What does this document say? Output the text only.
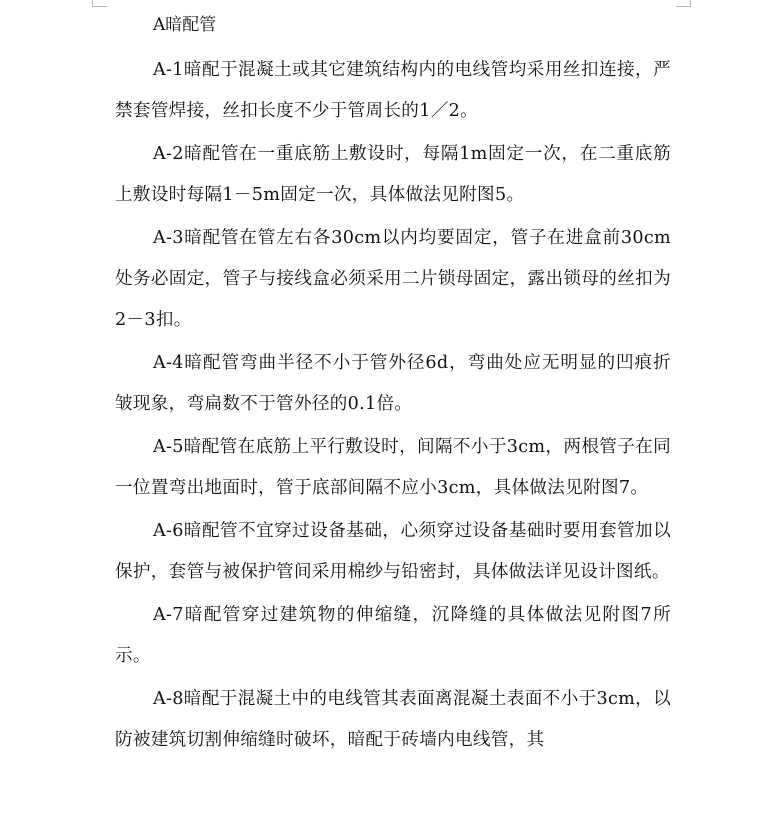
A暗配管

A-1暗配于混凝土或其它建筑结构内的电线管均采用丝扣连接，严禁套管焊接，丝扣长度不少于管周长的1／2。

A-2暗配管在一重底筋上敷设时，每隔1m固定一次，在二重底筋上敷设时每隔1－5m固定一次，具体做法见附图5。

A-3暗配管在管左右各30cm以内均要固定，管子在进盒前30cm处务必固定，管子与接线盒必须采用二片锁母固定，露出锁母的丝扣为2－3扣。

A-4暗配管弯曲半径不小于管外径6d，弯曲处应无明显的凹痕折皱现象，弯扁数不于管外径的0.1倍。

A-5暗配管在底筋上平行敷设时，间隔不小于3cm，两根管子在同一位置弯出地面时，管于底部间隔不应小3cm，具体做法见附图7。

A-6暗配管不宜穿过设备基础，心须穿过设备基础时要用套管加以保护，套管与被保护管间采用棉纱与铅密封，具体做法详见设计图纸。

A-7暗配管穿过建筑物的伸缩缝，沉降缝的具体做法见附图7所示。

A-8暗配于混凝土中的电线管其表面离混凝土表面不小于3cm，以防被建筑切割伸缩缝时破坏，暗配于砖墙内电线管，其
